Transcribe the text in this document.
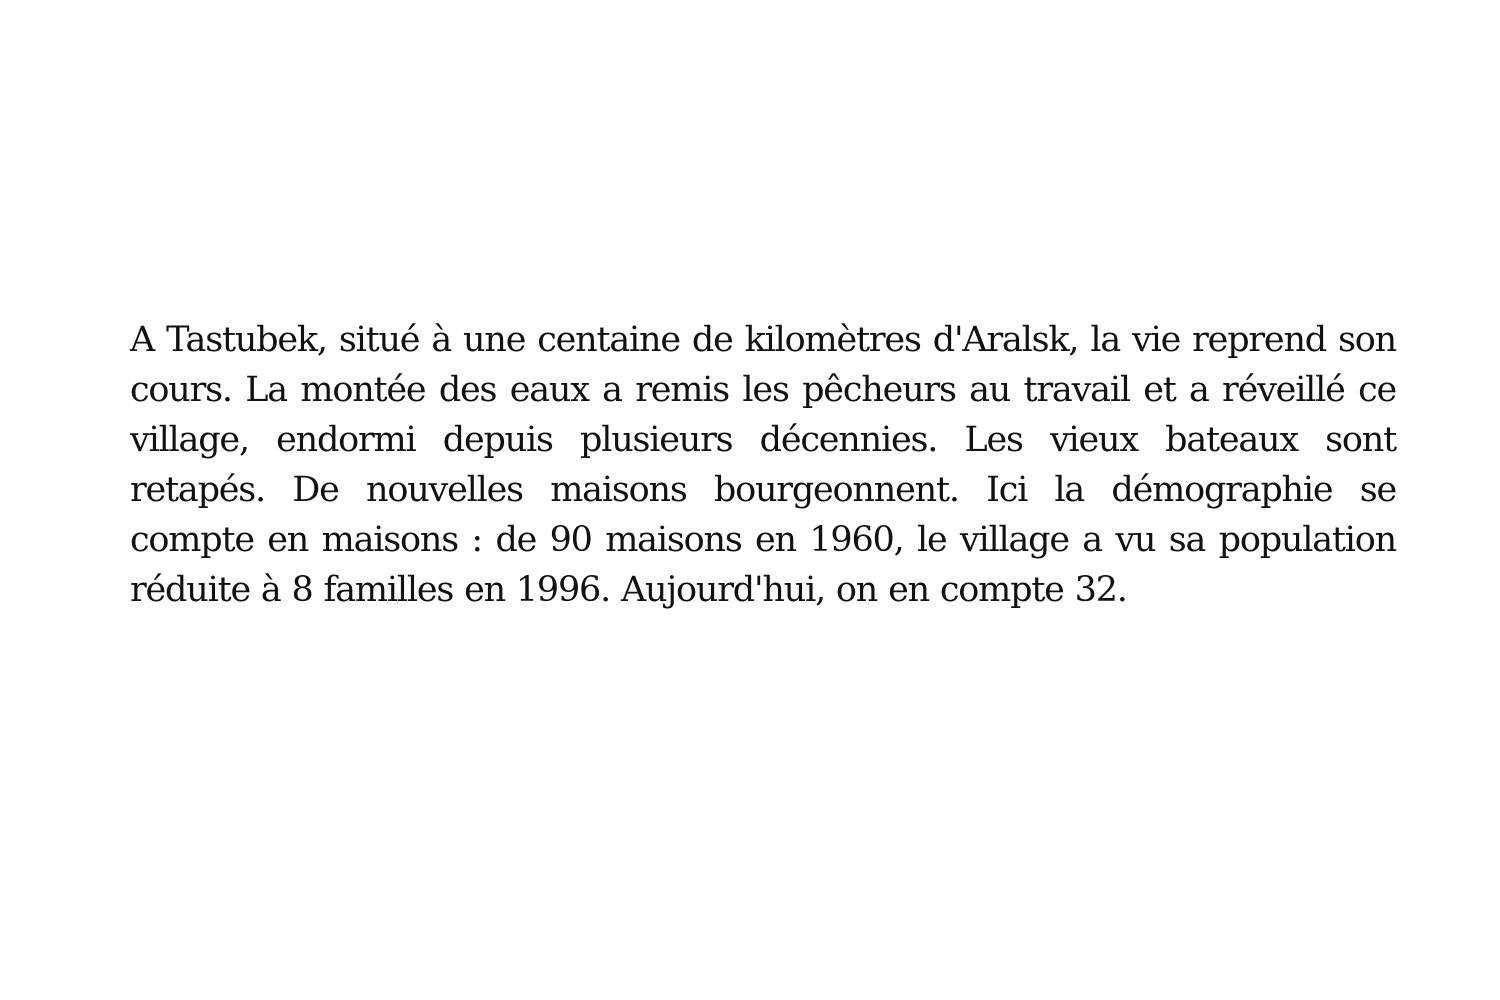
A Tastubek, situé à une centaine de kilomètres d'Aralsk, la vie reprend son cours. La montée des eaux a remis les pêcheurs au travail et a réveillé ce village, endormi depuis plusieurs décennies. Les vieux bateaux sont retapés. De nouvelles maisons bourgeonnent. Ici la démographie se compte en maisons : de 90 maisons en 1960, le village a vu sa population réduite à 8 familles en 1996. Aujourd'hui, on en compte 32.
